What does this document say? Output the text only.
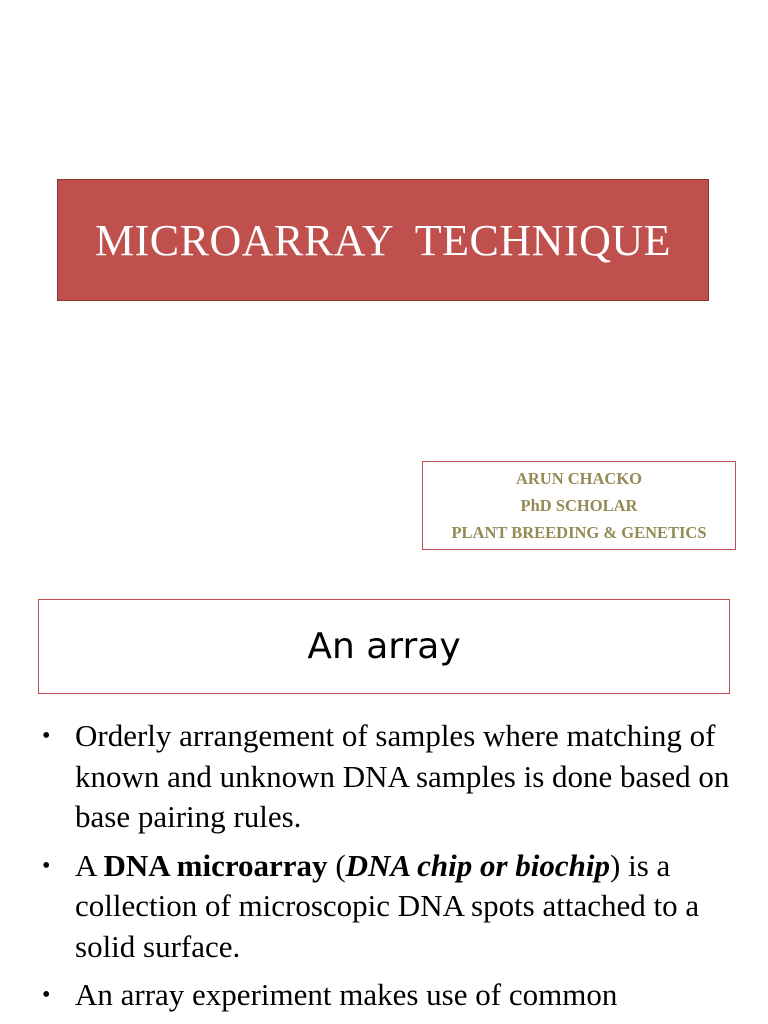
MICROARRAY  TECHNIQUE
ARUN CHACKO
PhD SCHOLAR
PLANT BREEDING & GENETICS
An array
• Orderly arrangement of samples where matching of known and unknown DNA samples is done based on base pairing rules.
• A DNA microarray (DNA chip or biochip) is a collection of microscopic DNA spots attached to a solid surface.
• An array experiment makes use of common
